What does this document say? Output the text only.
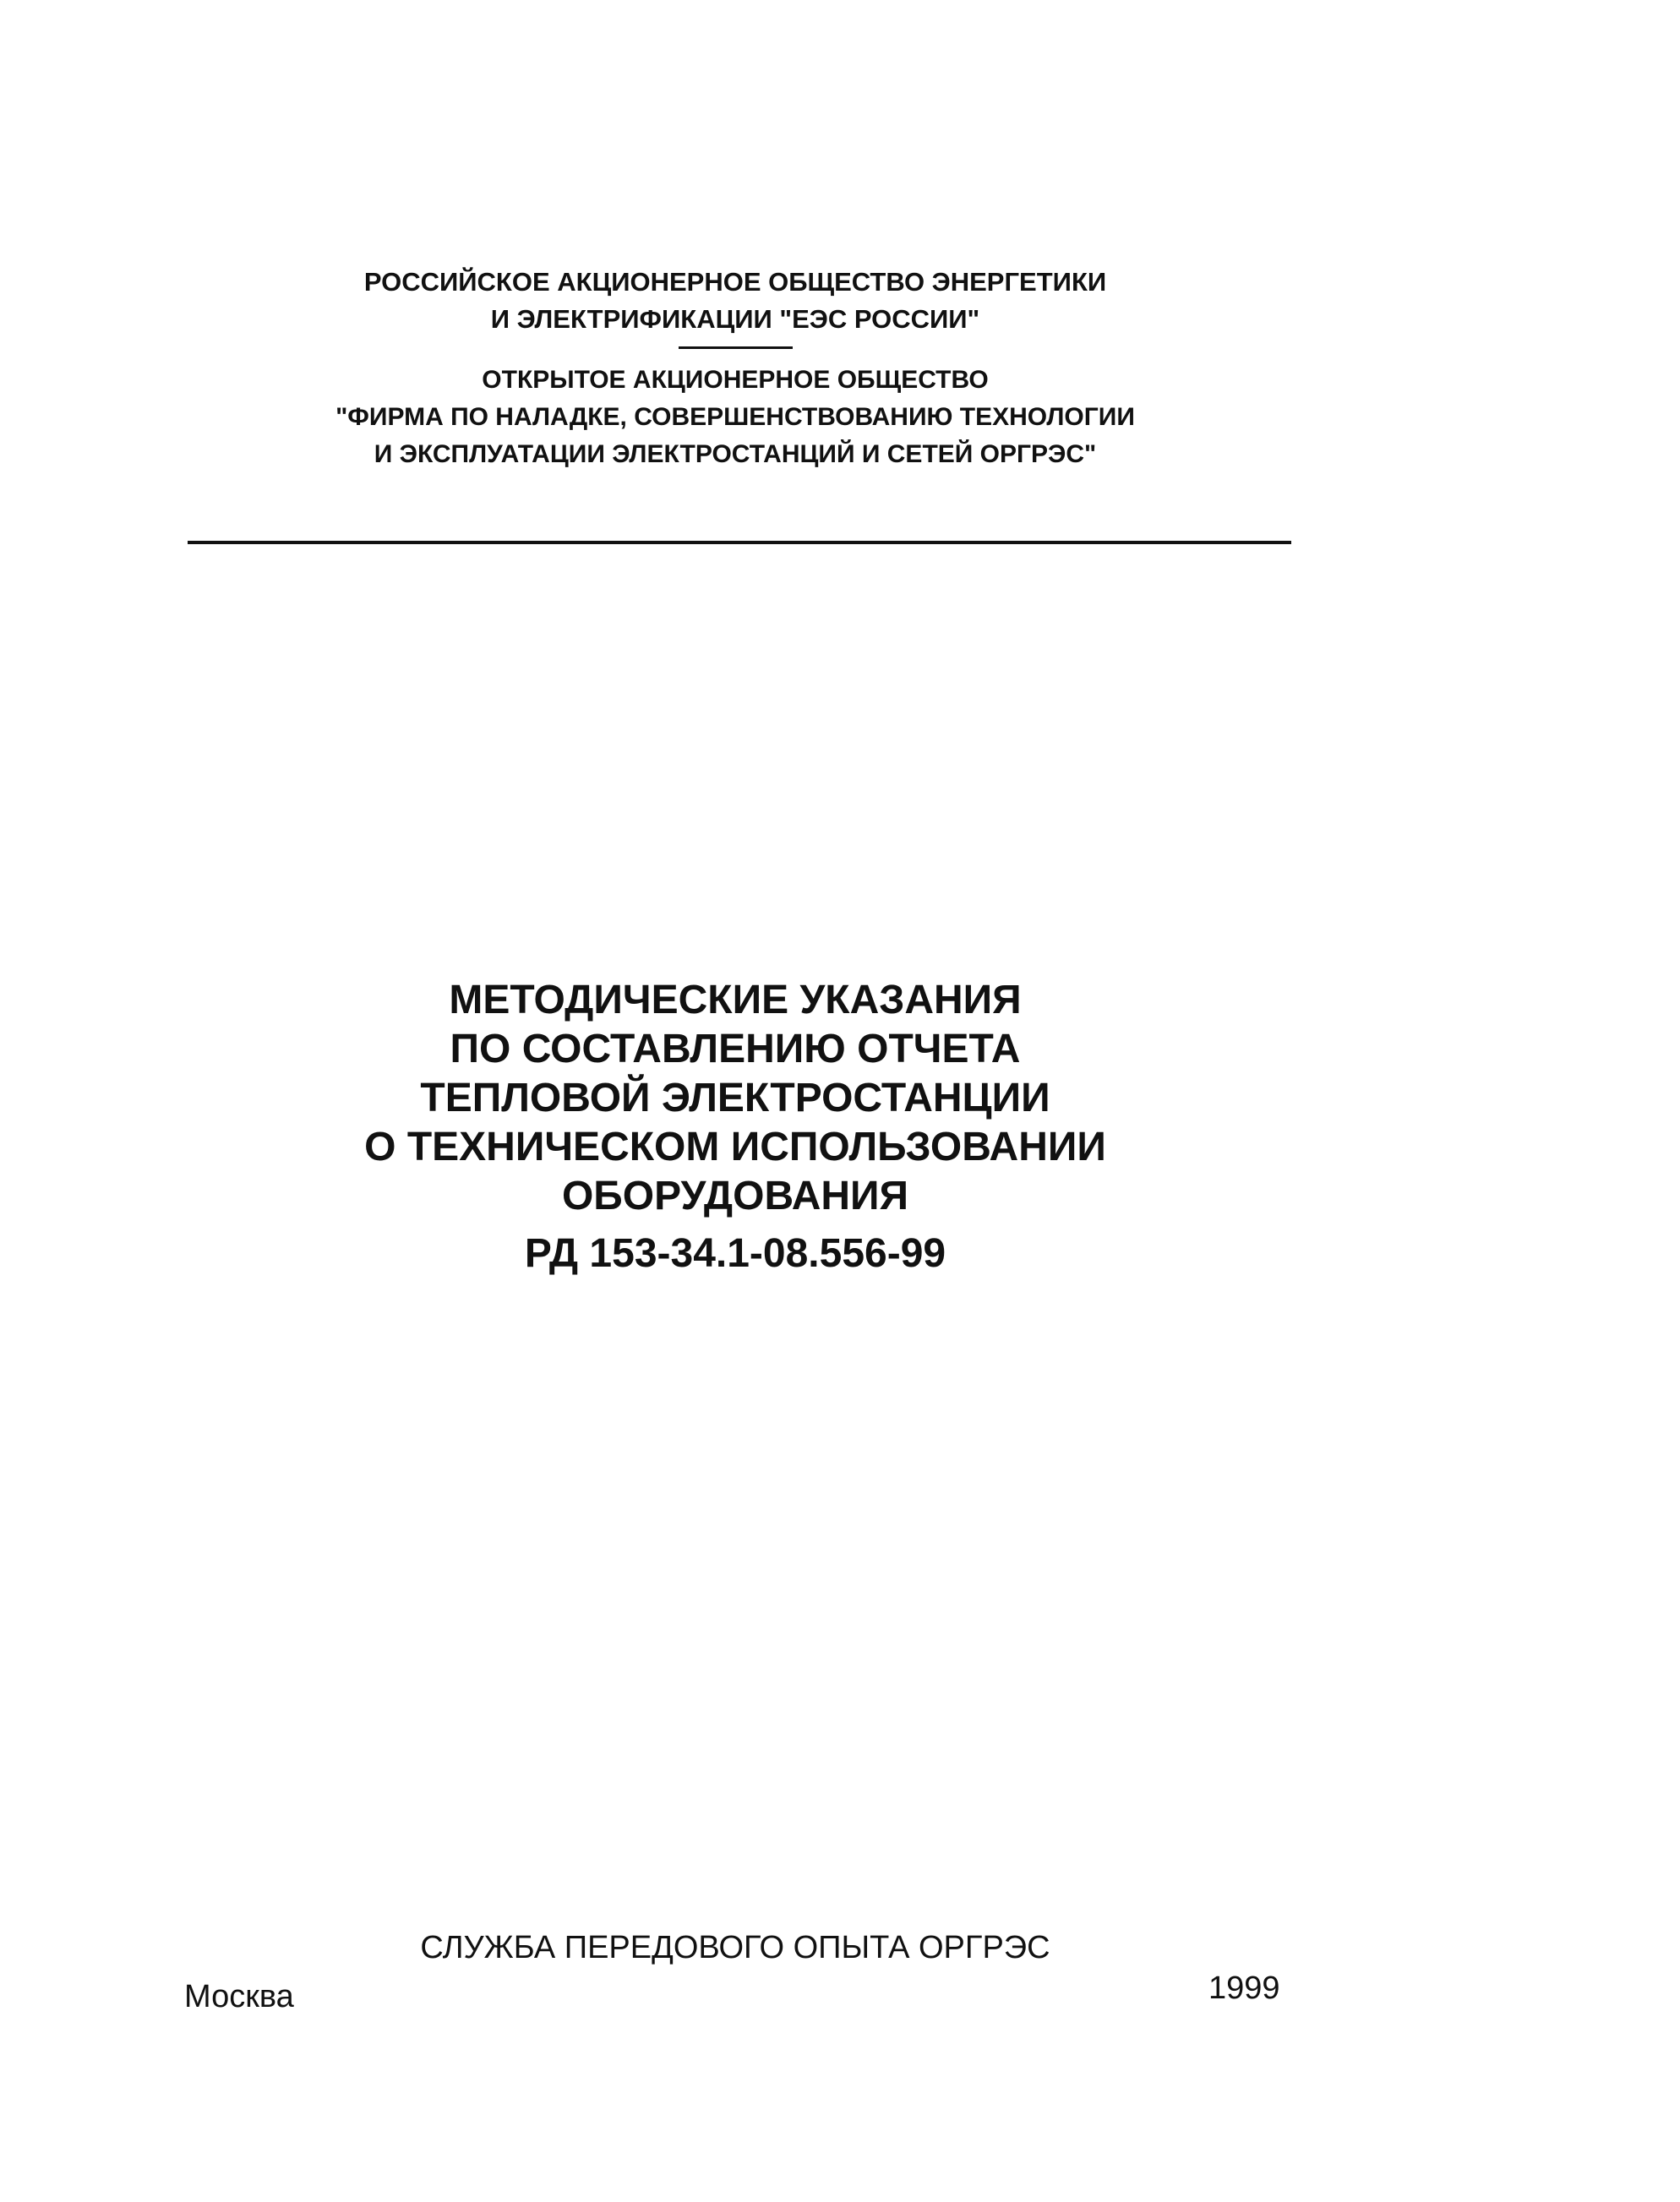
РОССИЙСКОЕ АКЦИОНЕРНОЕ ОБЩЕСТВО ЭНЕРГЕТИКИ
И ЭЛЕКТРИФИКАЦИИ "ЕЭС РОССИИ"
ОТКРЫТОЕ АКЦИОНЕРНОЕ ОБЩЕСТВО
"ФИРМА ПО НАЛАДКЕ, СОВЕРШЕНСТВОВАНИЮ ТЕХНОЛОГИИ
И ЭКСПЛУАТАЦИИ ЭЛЕКТРОСТАНЦИЙ И СЕТЕЙ ОРГРЭС"
МЕТОДИЧЕСКИЕ УКАЗАНИЯ
ПО СОСТАВЛЕНИЮ ОТЧЕТА
ТЕПЛОВОЙ ЭЛЕКТРОСТАНЦИИ
О ТЕХНИЧЕСКОМ ИСПОЛЬЗОВАНИИ
ОБОРУДОВАНИЯ
РД 153-34.1-08.556-99
СЛУЖБА ПЕРЕДОВОГО ОПЫТА ОРГРЭС
Москва	1999
